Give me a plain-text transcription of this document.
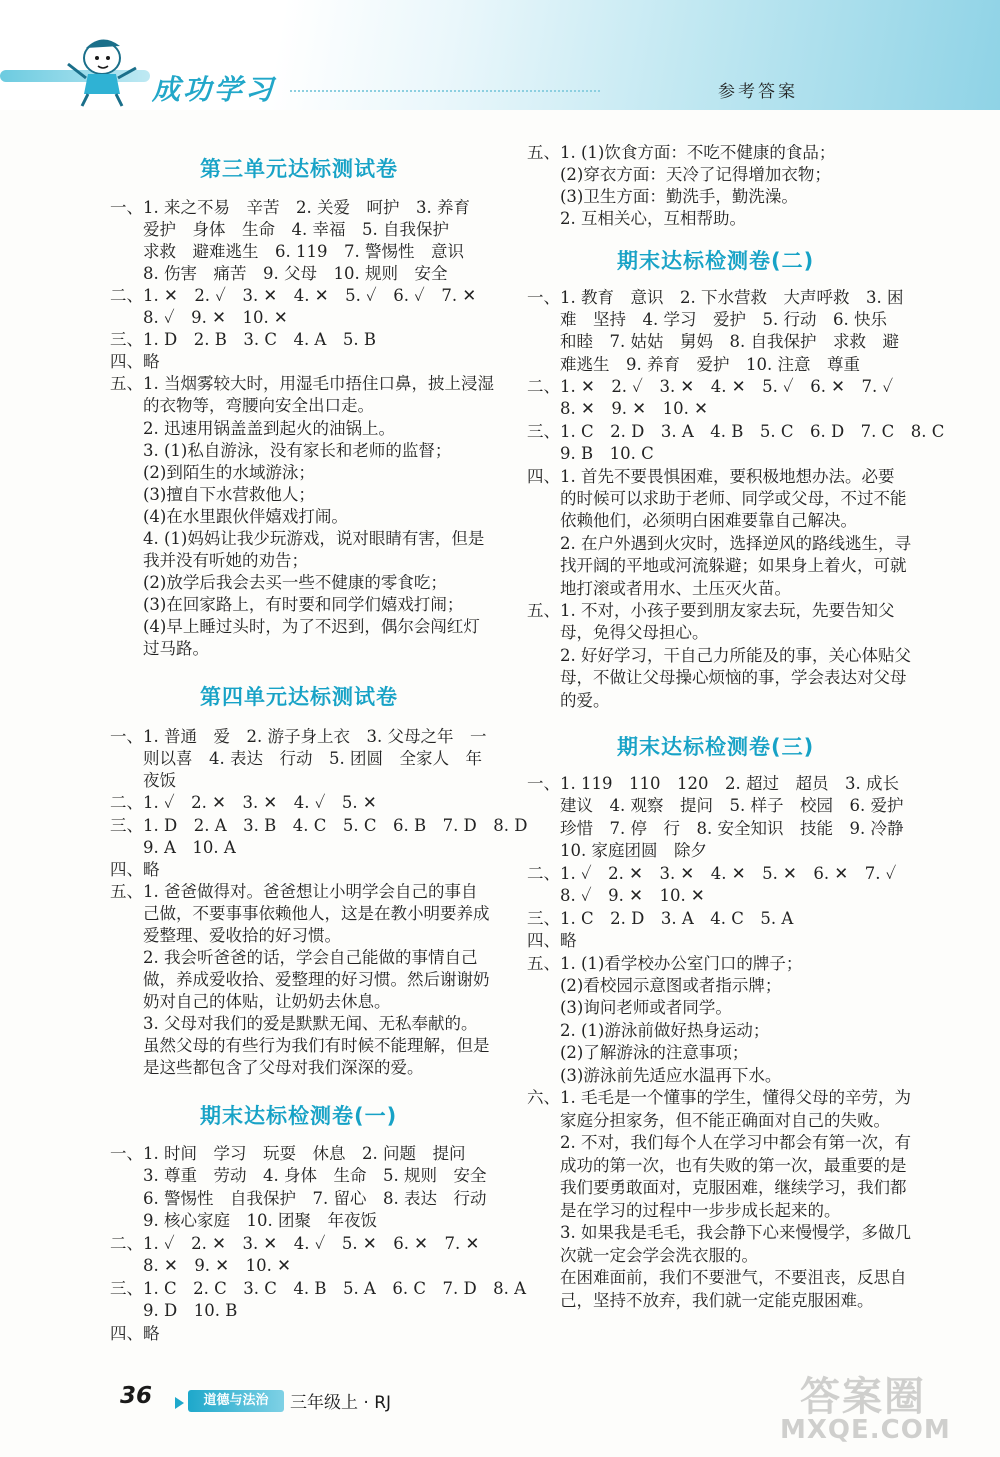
成功学习	参考答案
第三单元达标测试卷
一、1. 来之不易　辛苦　2. 关爱　呵护　3. 养育
　　爱护　身体　生命　4. 幸福　5. 自我保护
　　求救　避难逃生　6. 119　7. 警惕性　意识
　　8. 伤害　痛苦　9. 父母　10. 规则　安全
二、1. ✕　2. ✓　3. ✕　4. ✕　5. ✓　6. ✓　7. ✕
　　8. ✓　9. ✕　10. ✕
三、1. D　2. B　3. C　4. A　5. B
四、略
五、1. 当烟雾较大时，用湿毛巾捂住口鼻，披上浸湿
　　的衣物等，弯腰向安全出口走。
　　2. 迅速用锅盖盖到起火的油锅上。
　　3. (1)私自游泳，没有家长和老师的监督；
　　(2)到陌生的水域游泳；
　　(3)擅自下水营救他人；
　　(4)在水里跟伙伴嬉戏打闹。
　　4. (1)妈妈让我少玩游戏，说对眼睛有害，但是
　　我并没有听她的劝告；
　　(2)放学后我会去买一些不健康的零食吃；
　　(3)在回家路上，有时要和同学们嬉戏打闹；
　　(4)早上睡过头时，为了不迟到，偶尔会闯红灯
　　过马路。
第四单元达标测试卷
一、1. 普通　爱　2. 游子身上衣　3. 父母之年　一
　　则以喜　4. 表达　行动　5. 团圆　全家人　年
　　夜饭
二、1. ✓　2. ✕　3. ✕　4. ✓　5. ✕
三、1. D　2. A　3. B　4. C　5. C　6. B　7. D　8. D
　　9. A　10. A
四、略
五、1. 爸爸做得对。爸爸想让小明学会自己的事自
　　己做，不要事事依赖他人，这是在教小明要养成
　　爱整理、爱收拾的好习惯。
　　2. 我会听爸爸的话，学会自己能做的事情自己
　　做，养成爱收拾、爱整理的好习惯。然后谢谢奶
　　奶对自己的体贴，让奶奶去休息。
　　3. 父母对我们的爱是默默无闻、无私奉献的。
　　虽然父母的有些行为我们有时候不能理解，但是
　　是这些都包含了父母对我们深深的爱。
期末达标检测卷(一)
一、1. 时间　学习　玩耍　休息　2. 问题　提问
　　3. 尊重　劳动　4. 身体　生命　5. 规则　安全
　　6. 警惕性　自我保护　7. 留心　8. 表达　行动
　　9. 核心家庭　10. 团聚　年夜饭
二、1. ✓　2. ✕　3. ✕　4. ✓　5. ✕　6. ✕　7. ✕
　　8. ✕　9. ✕　10. ✕
三、1. C　2. C　3. C　4. B　5. A　6. C　7. D　8. A
　　9. D　10. B
四、略
五、1. (1)饮食方面：不吃不健康的食品；
　　(2)穿衣方面：天冷了记得增加衣物；
　　(3)卫生方面：勤洗手，勤洗澡。
　　2. 互相关心，互相帮助。
期末达标检测卷(二)
一、1. 教育　意识　2. 下水营救　大声呼救　3. 困
　　难　坚持　4. 学习　爱护　5. 行动　6. 快乐
　　和睦　7. 姑姑　舅妈　8. 自我保护　求救　避
　　难逃生　9. 养育　爱护　10. 注意　尊重
二、1. ✕　2. ✓　3. ✕　4. ✕　5. ✓　6. ✕　7. ✓
　　8. ✕　9. ✕　10. ✕
三、1. C　2. D　3. A　4. B　5. C　6. D　7. C　8. C
　　9. B　10. C
四、1. 首先不要畏惧困难，要积极地想办法。必要
　　的时候可以求助于老师、同学或父母，不过不能
　　依赖他们，必须明白困难要靠自己解决。
　　2. 在户外遇到火灾时，选择逆风的路线逃生，寻
　　找开阔的平地或河流躲避；如果身上着火，可就
　　地打滚或者用水、土压灭火苗。
五、1. 不对，小孩子要到朋友家去玩，先要告知父
　　母，免得父母担心。
　　2. 好好学习，干自己力所能及的事，关心体贴父
　　母，不做让父母操心烦恼的事，学会表达对父母
　　的爱。
期末达标检测卷(三)
一、1. 119　110　120　2. 超过　超员　3. 成长
　　建议　4. 观察　提问　5. 样子　校园　6. 爱护
　　珍惜　7. 停　行　8. 安全知识　技能　9. 冷静
　　10. 家庭团圆　除夕
二、1. ✓　2. ✕　3. ✕　4. ✕　5. ✕　6. ✕　7. ✓
　　8. ✓　9. ✕　10. ✕
三、1. C　2. D　3. A　4. C　5. A
四、略
五、1. (1)看学校办公室门口的牌子；
　　(2)看校园示意图或者指示牌；
　　(3)询问老师或者同学。
　　2. (1)游泳前做好热身运动；
　　(2)了解游泳的注意事项；
　　(3)游泳前先适应水温再下水。
六、1. 毛毛是一个懂事的学生，懂得父母的辛劳，为
　　家庭分担家务，但不能正确面对自己的失败。
　　2. 不对，我们每个人在学习中都会有第一次，有
　　成功的第一次，也有失败的第一次，最重要的是
　　我们要勇敢面对，克服困难，继续学习，我们都
　　是在学习的过程中一步步成长起来的。
　　3. 如果我是毛毛，我会静下心来慢慢学，多做几
　　次就一定会学会洗衣服的。
　　在困难面前，我们不要泄气，不要沮丧，反思自
　　己，坚持不放弃，我们就一定能克服困难。
36	道德与法治	三年级上 · RJ	答案圈
MXQE.COM
